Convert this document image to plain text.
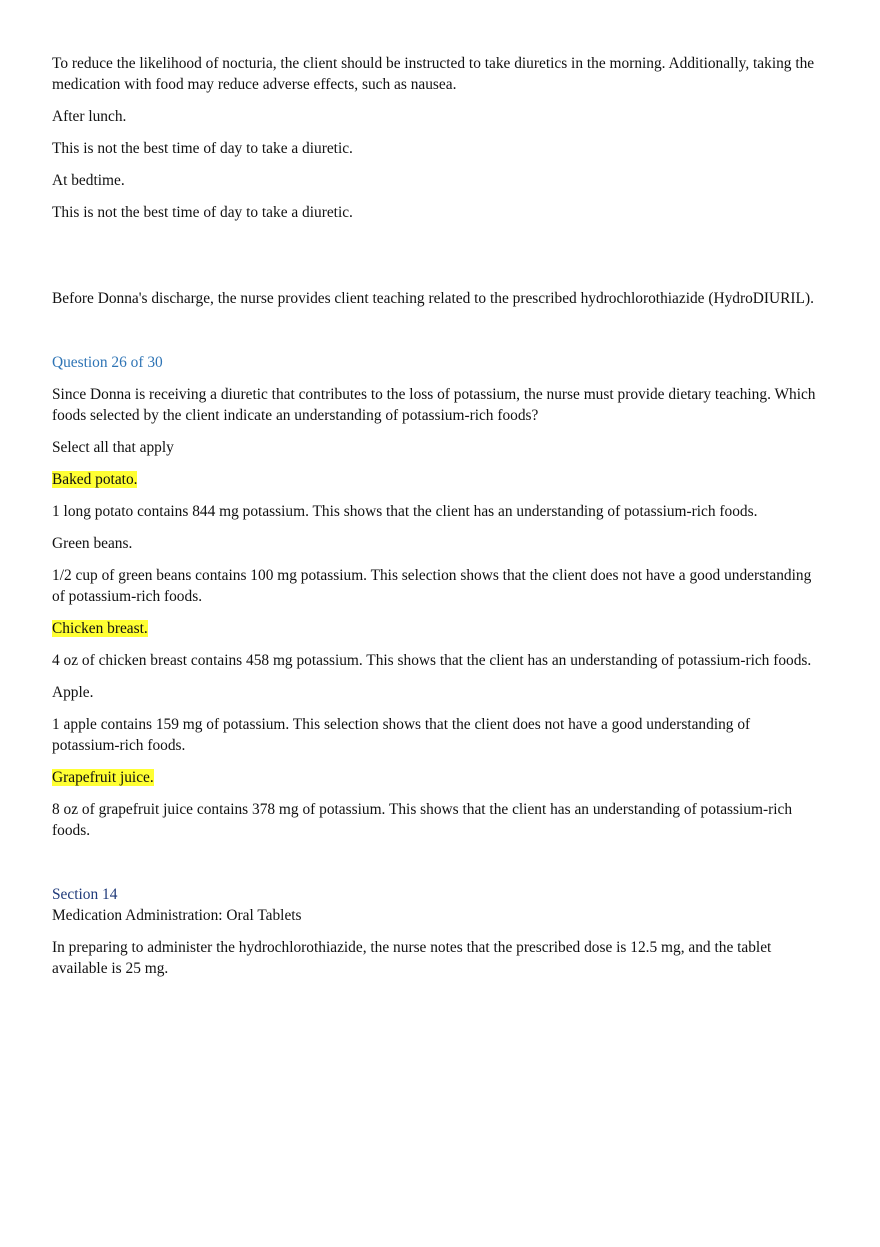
To reduce the likelihood of nocturia, the client should be instructed to take diuretics in the morning. Additionally, taking the medication with food may reduce adverse effects, such as nausea.

After lunch.

This is not the best time of day to take a diuretic.

At bedtime.

This is not the best time of day to take a diuretic.

Before Donna's discharge, the nurse provides client teaching related to the prescribed hydrochlorothiazide (HydroDIURIL).

Question 26 of 30

Since Donna is receiving a diuretic that contributes to the loss of potassium, the nurse must provide dietary teaching. Which foods selected by the client indicate an understanding of potassium-rich foods?

Select all that apply

Baked potato.

1 long potato contains 844 mg potassium. This shows that the client has an understanding of potassium-rich foods.

Green beans.

1/2 cup of green beans contains 100 mg potassium. This selection shows that the client does not have a good understanding of potassium-rich foods.

Chicken breast.

4 oz of chicken breast contains 458 mg potassium. This shows that the client has an understanding of potassium-rich foods.

Apple.

1 apple contains 159 mg of potassium. This selection shows that the client does not have a good understanding of potassium-rich foods.

Grapefruit juice.

8 oz of grapefruit juice contains 378 mg of potassium. This shows that the client has an understanding of potassium-rich foods.

Section 14

Medication Administration: Oral Tablets

In preparing to administer the hydrochlorothiazide, the nurse notes that the prescribed dose is 12.5 mg, and the tablet available is 25 mg.
